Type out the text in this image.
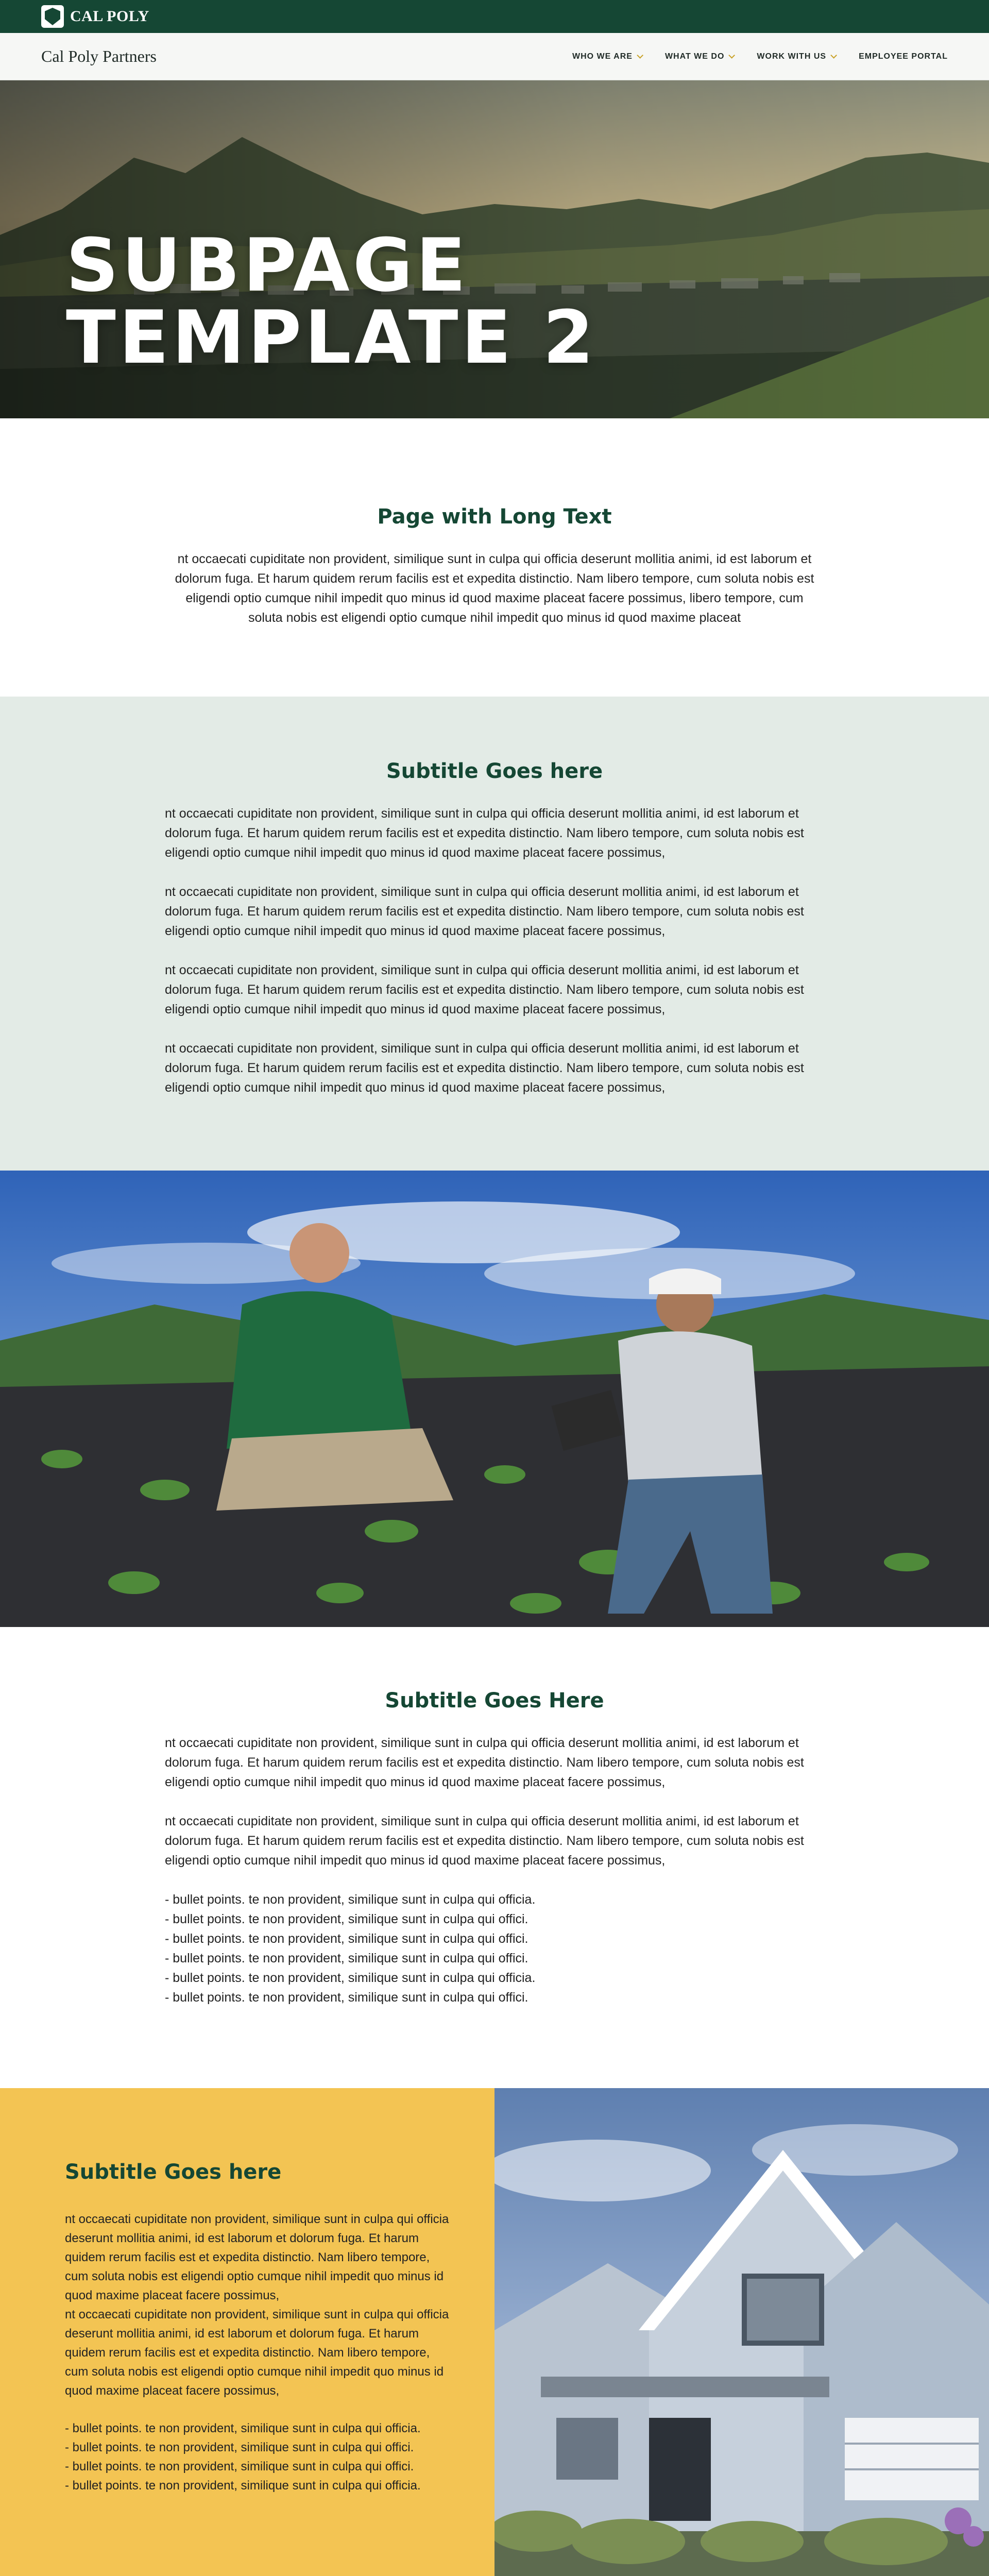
CAL POLY
Cal Poly Partners	WHO WE ARE	WHAT WE DO	WORK WITH US	EMPLOYEE PORTAL
SUBPAGE
TEMPLATE 2
Page with Long Text

nt occaecati cupiditate non provident, similique sunt in culpa qui officia deserunt mollitia animi, id est laborum et dolorum fuga. Et harum quidem rerum facilis est et expedita distinctio. Nam libero tempore, cum soluta nobis est eligendi optio cumque nihil impedit quo minus id quod maxime placeat facere possimus, libero tempore, cum soluta nobis est eligendi optio cumque nihil impedit quo minus id quod maxime placeat

Subtitle Goes here

nt occaecati cupiditate non provident, similique sunt in culpa qui officia deserunt mollitia animi, id est laborum et dolorum fuga. Et harum quidem rerum facilis est et expedita distinctio. Nam libero tempore, cum soluta nobis est eligendi optio cumque nihil impedit quo minus id quod maxime placeat facere possimus,

nt occaecati cupiditate non provident, similique sunt in culpa qui officia deserunt mollitia animi, id est laborum et dolorum fuga. Et harum quidem rerum facilis est et expedita distinctio. Nam libero tempore, cum soluta nobis est eligendi optio cumque nihil impedit quo minus id quod maxime placeat facere possimus,

nt occaecati cupiditate non provident, similique sunt in culpa qui officia deserunt mollitia animi, id est laborum et dolorum fuga. Et harum quidem rerum facilis est et expedita distinctio. Nam libero tempore, cum soluta nobis est eligendi optio cumque nihil impedit quo minus id quod maxime placeat facere possimus,

nt occaecati cupiditate non provident, similique sunt in culpa qui officia deserunt mollitia animi, id est laborum et dolorum fuga. Et harum quidem rerum facilis est et expedita distinctio. Nam libero tempore, cum soluta nobis est eligendi optio cumque nihil impedit quo minus id quod maxime placeat facere possimus,

Subtitle Goes Here

nt occaecati cupiditate non provident, similique sunt in culpa qui officia deserunt mollitia animi, id est laborum et dolorum fuga. Et harum quidem rerum facilis est et expedita distinctio. Nam libero tempore, cum soluta nobis est eligendi optio cumque nihil impedit quo minus id quod maxime placeat facere possimus,

nt occaecati cupiditate non provident, similique sunt in culpa qui officia deserunt mollitia animi, id est laborum et dolorum fuga. Et harum quidem rerum facilis est et expedita distinctio. Nam libero tempore, cum soluta nobis est eligendi optio cumque nihil impedit quo minus id quod maxime placeat facere possimus,

- bullet points. te non provident, similique sunt in culpa qui officia.
- bullet points. te non provident, similique sunt in culpa qui offici.
- bullet points. te non provident, similique sunt in culpa qui offici.
- bullet points. te non provident, similique sunt in culpa qui offici.
- bullet points. te non provident, similique sunt in culpa qui officia.
- bullet points. te non provident, similique sunt in culpa qui offici.
Subtitle Goes here

nt occaecati cupiditate non provident, similique sunt in culpa qui officia deserunt mollitia animi, id est laborum et dolorum fuga. Et harum quidem rerum facilis est et expedita distinctio. Nam libero tempore, cum soluta nobis est eligendi optio cumque nihil impedit quo minus id quod maxime placeat facere possimus,

nt occaecati cupiditate non provident, similique sunt in culpa qui officia deserunt mollitia animi, id est laborum et dolorum fuga. Et harum quidem rerum facilis est et expedita distinctio. Nam libero tempore, cum soluta nobis est eligendi optio cumque nihil impedit quo minus id quod maxime placeat facere possimus,

- bullet points. te non provident, similique sunt in culpa qui officia.
- bullet points. te non provident, similique sunt in culpa qui offici.
- bullet points. te non provident, similique sunt in culpa qui offici.
- bullet points. te non provident, similique sunt in culpa qui officia.
